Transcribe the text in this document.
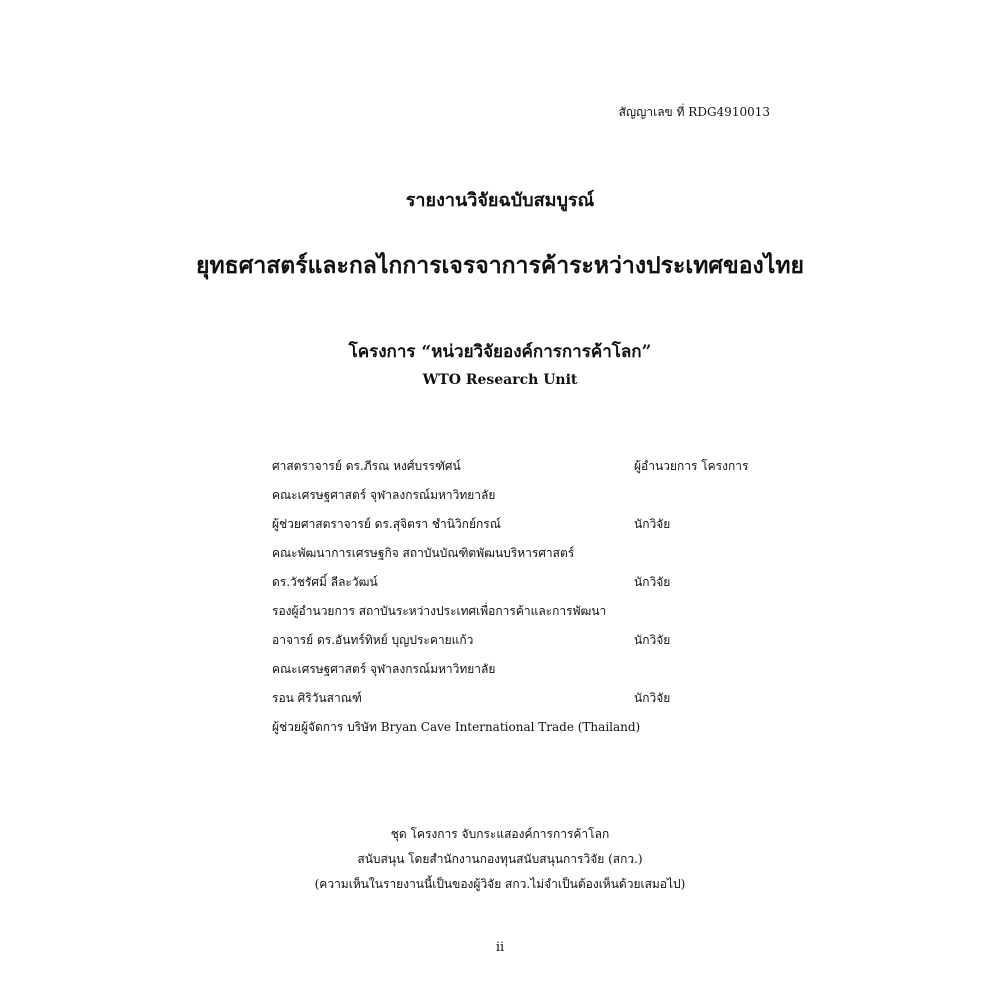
สัญญาเลข ที่ RDG4910013
รายงานวิจัยฉบับสมบูรณ์
ยุทธศาสตร์และกลไกการเจรจาการค้าระหว่างประเทศของไทย
โครงการ “หน่วยวิจัยองค์การการค้าโลก”
WTO Research Unit
ศาสตราจารย์ ดร.ภีรณ หงศ์บรรฑัศน์	ผู้อำนวยการ โครงการ
คณะเศรษฐศาสตร์ จุฬาลงกรณ์มหาวิทยาลัย
ผู้ช่วยศาสตราจารย์ ดร.สุจิตรา ชำนิวิกย์กรณ์	นักวิจัย
คณะพัฒนาการเศรษฐกิจ สถาบันบัณฑิตพัฒนบริหารศาสตร์
ดร.วัชรัศมิ์ ลีละวัฒน์	นักวิจัย
รองผู้อำนวยการ สถาบันระหว่างประเทศเพื่อการค้าและการพัฒนา
อาจารย์ ดร.อันทร์ทิหย์ บุญประคายแก้ว	นักวิจัย
คณะเศรษฐศาสตร์ จุฬาลงกรณ์มหาวิทยาลัย
รอน ศิริวันสาณฑ์	นักวิจัย
ผู้ช่วยผู้จัดการ บริษัท Bryan Cave International Trade (Thailand)
ชุด โครงการ จับกระแสองค์การการค้าโลก
สนับสนุน โดยสำนักงานกองทุนสนับสนุนการวิจัย (สกว.)
(ความเห็นในรายงานนี้เป็นของผู้วิจัย สกว.ไม่จำเป็นต้องเห็นด้วยเสมอไป)
ii
